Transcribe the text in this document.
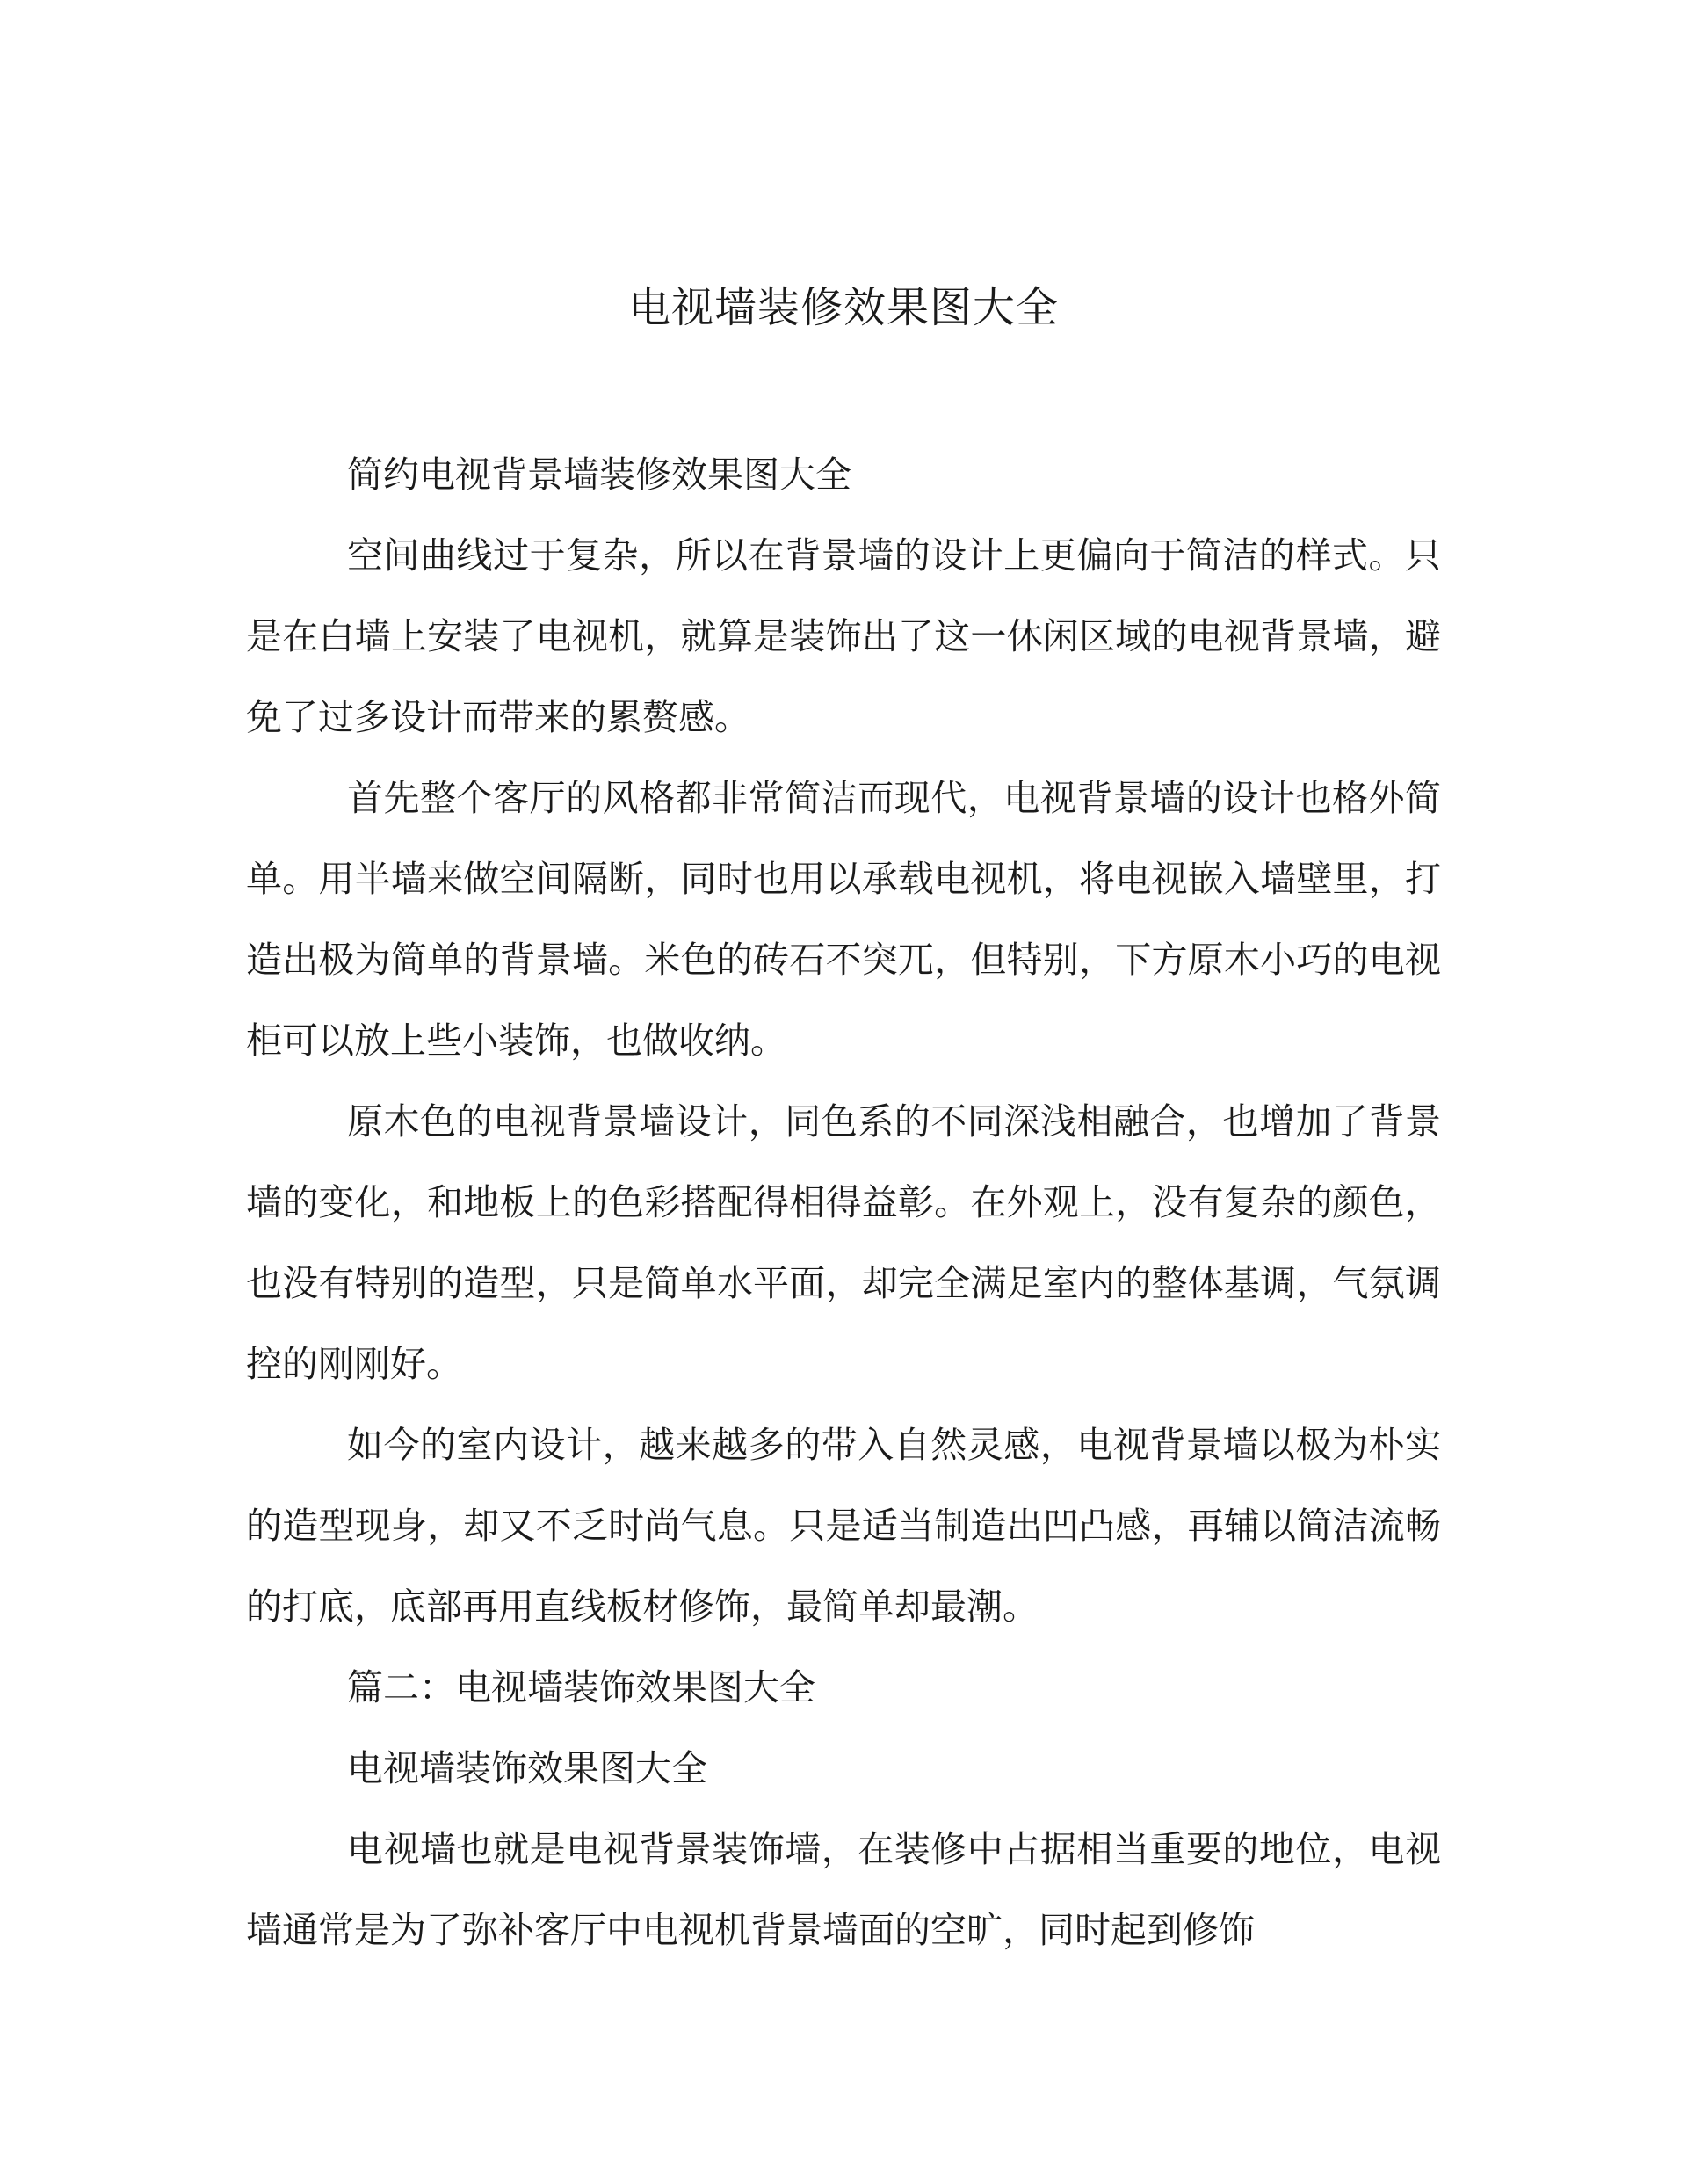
电视墙装修效果图大全

简约电视背景墙装修效果图大全

空间曲线过于复杂，所以在背景墙的设计上更偏向于简洁的样式。只是在白墙上安装了电视机，就算是装饰出了这一休闲区域的电视背景墙，避免了过多设计而带来的累赘感。

首先整个客厅的风格都非常简洁而现代，电视背景墙的设计也格外简单。用半墙来做空间隔断，同时也用以承载电视机，将电视嵌入墙壁里，打造出极为简单的背景墙。米色的砖石不突兀，但特别，下方原木小巧的电视柜可以放上些小装饰，也做收纳。

原木色的电视背景墙设计，同色系的不同深浅相融合，也增加了背景墙的变化，和地板上的色彩搭配得相得益彰。在外观上，没有复杂的颜色，也没有特别的造型，只是简单水平面，却完全满足室内的整体基调，气氛调控的刚刚好。

如今的室内设计，越来越多的带入自然灵感，电视背景墙以极为朴实的造型现身，却又不乏时尚气息。只是适当制造出凹凸感，再辅以简洁流畅的打底，底部再用直线板材修饰，最简单却最潮。

篇二：电视墙装饰效果图大全

电视墙装饰效果图大全

电视墙也就是电视背景装饰墙，在装修中占据相当重要的地位，电视墙通常是为了弥补客厅中电视机背景墙面的空旷，同时起到修饰
